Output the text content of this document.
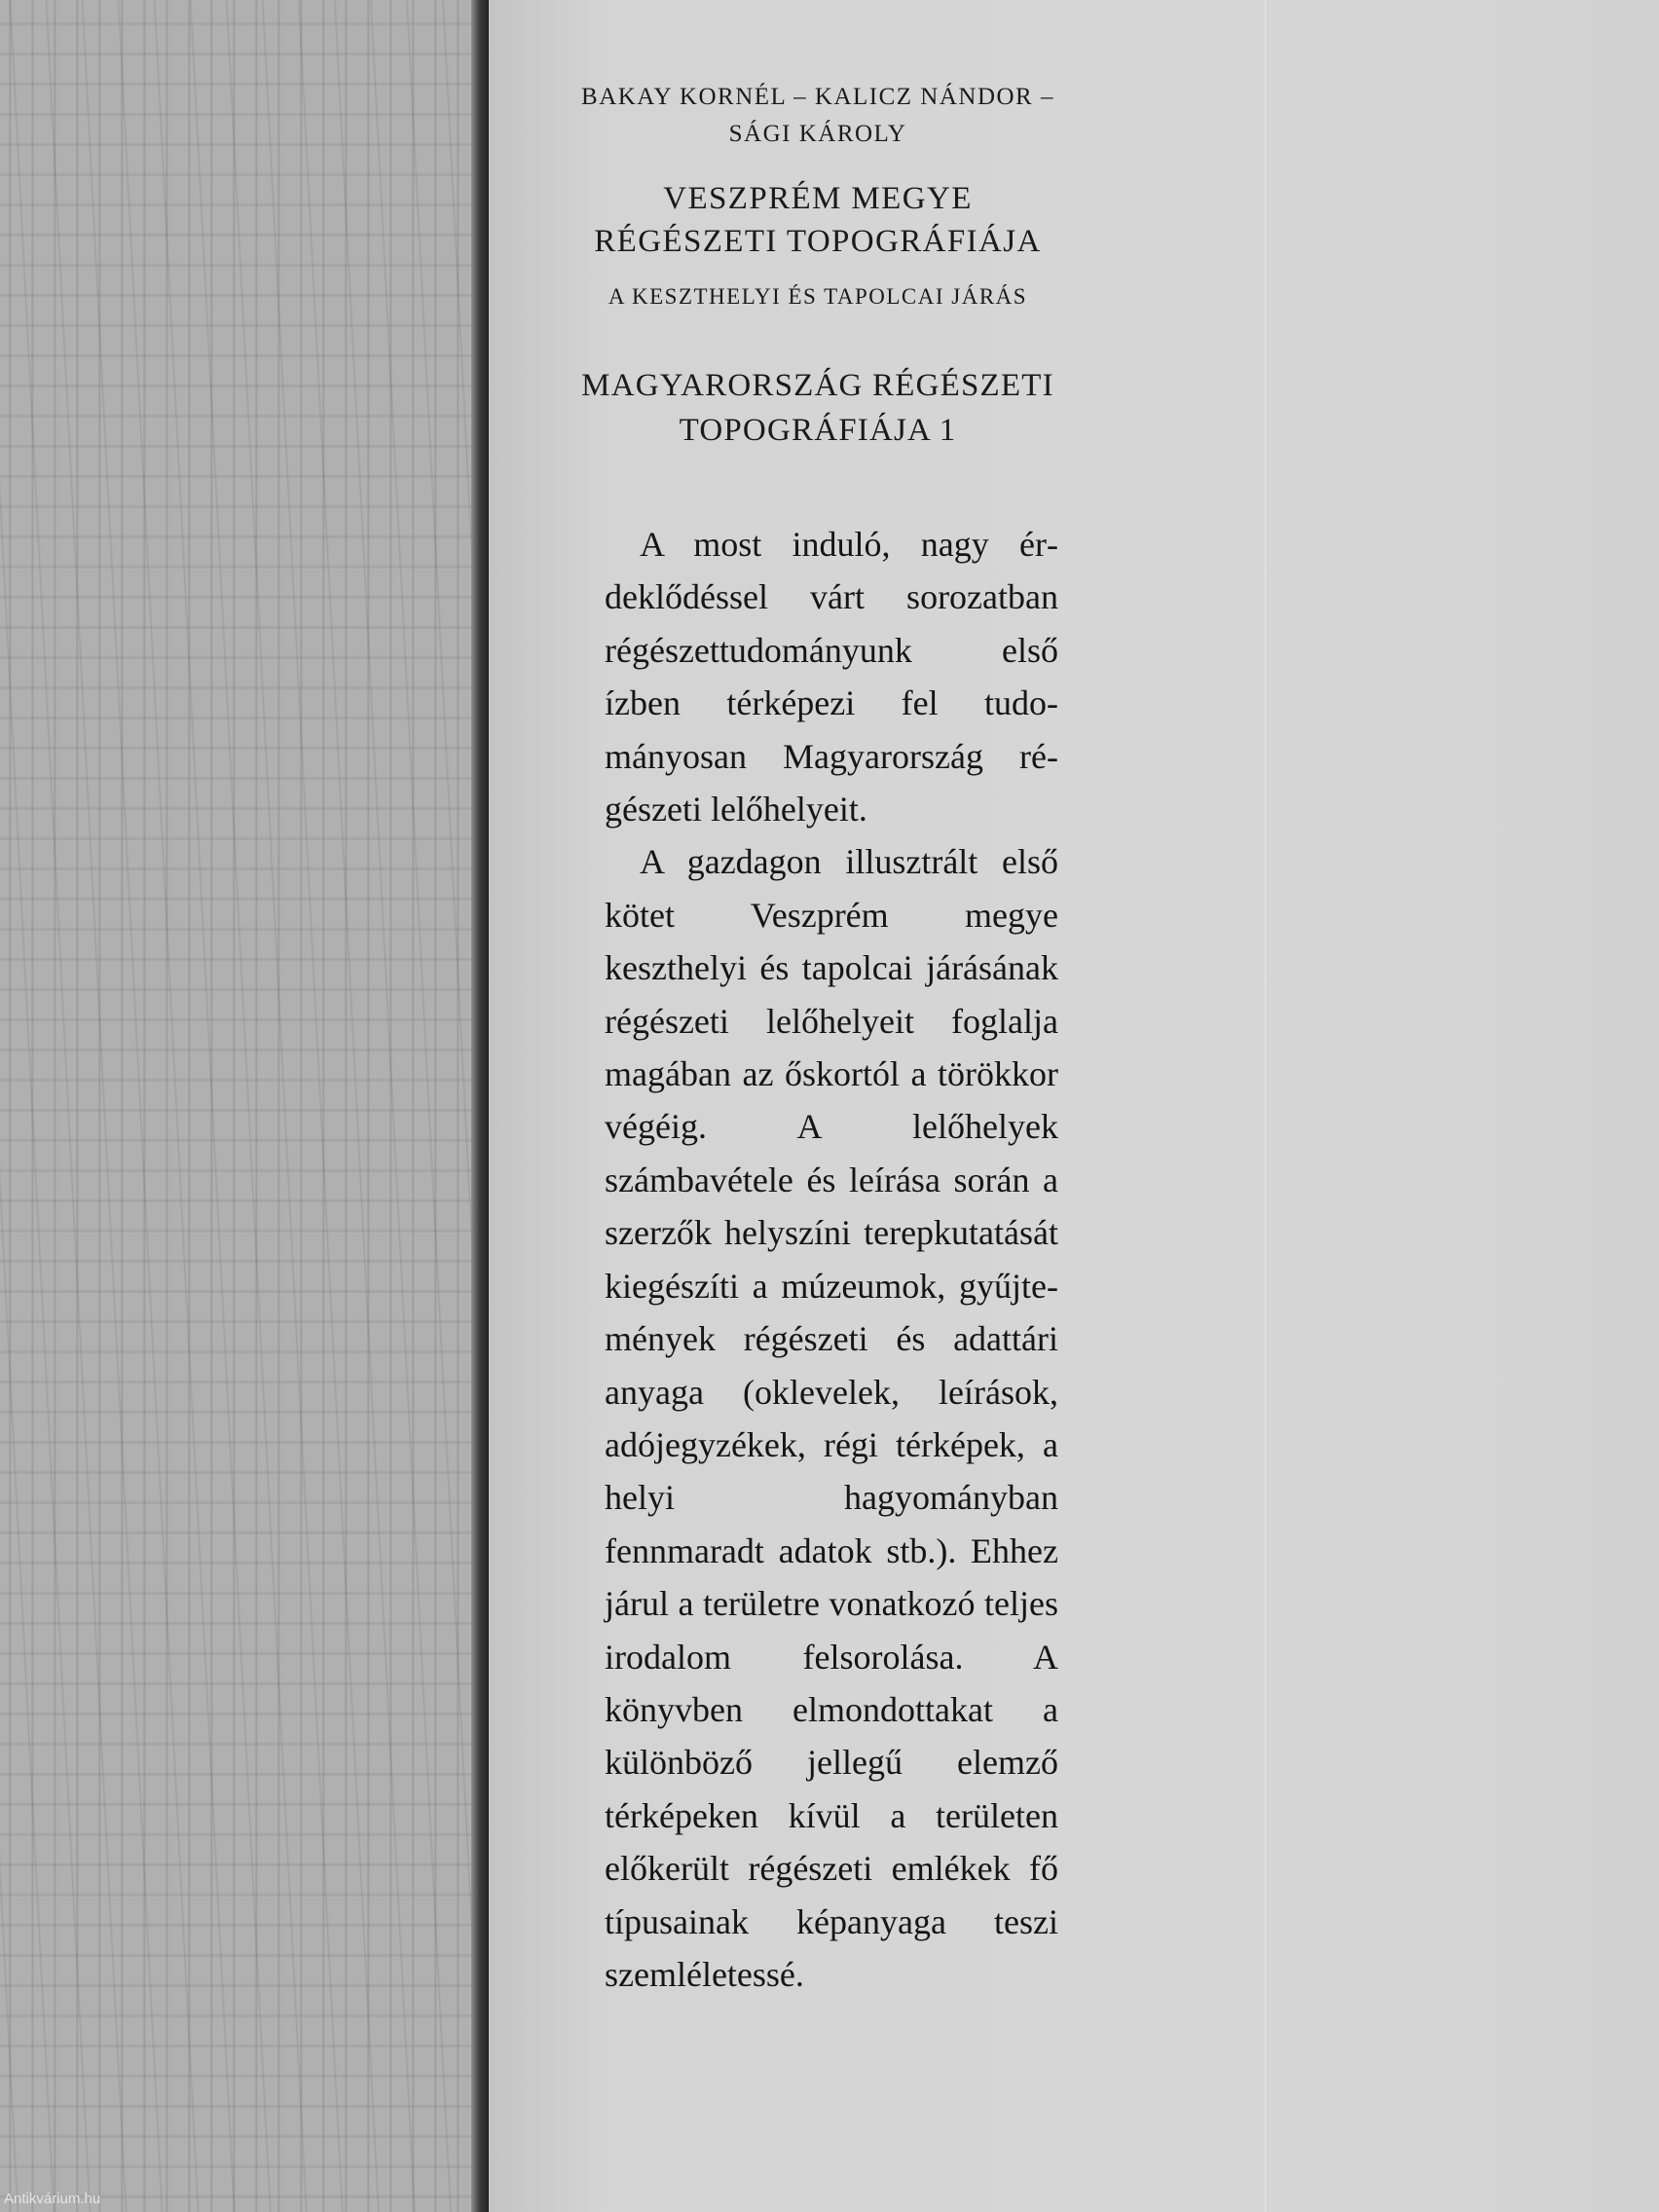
BAKAY KORNÉL – KALICZ NÁNDOR –

SÁGI KÁROLY

VESZPRÉM MEGYE
RÉGÉSZETI TOPOGRÁFIÁJA

A KESZTHELYI ÉS TAPOLCAI JÁRÁS

MAGYARORSZÁG RÉGÉSZETI
TOPOGRÁFIÁJA 1

A most induló, nagy érdeklődéssel várt sorozatban régészettudományunk első ízben térképezi fel tudományosan Magyarország régészeti lelőhelyeit.

A gazdagon illusztrált első kötet Veszprém megye keszthelyi és tapolcai járásának régészeti lelőhelyeit foglalja magában az őskortól a törökkor végéig. A lelőhelyek számbavétele és leírása során a szerzők helyszíni terepkutatását kiegészíti a múzeumok, gyűjtemények régészeti és adattári anyaga (oklevelek, leírások, adójegyzékek, régi térképek, a helyi hagyományban fennmaradt adatok stb.). Ehhez járul a területre vonatkozó teljes irodalom felsorolása. A könyvben elmondottakat a különböző jellegű elemző térképeken kívül a területen előkerült régészeti emlékek fő típusainak képanyaga teszi szemléletessé.

Antikvárium.hu
